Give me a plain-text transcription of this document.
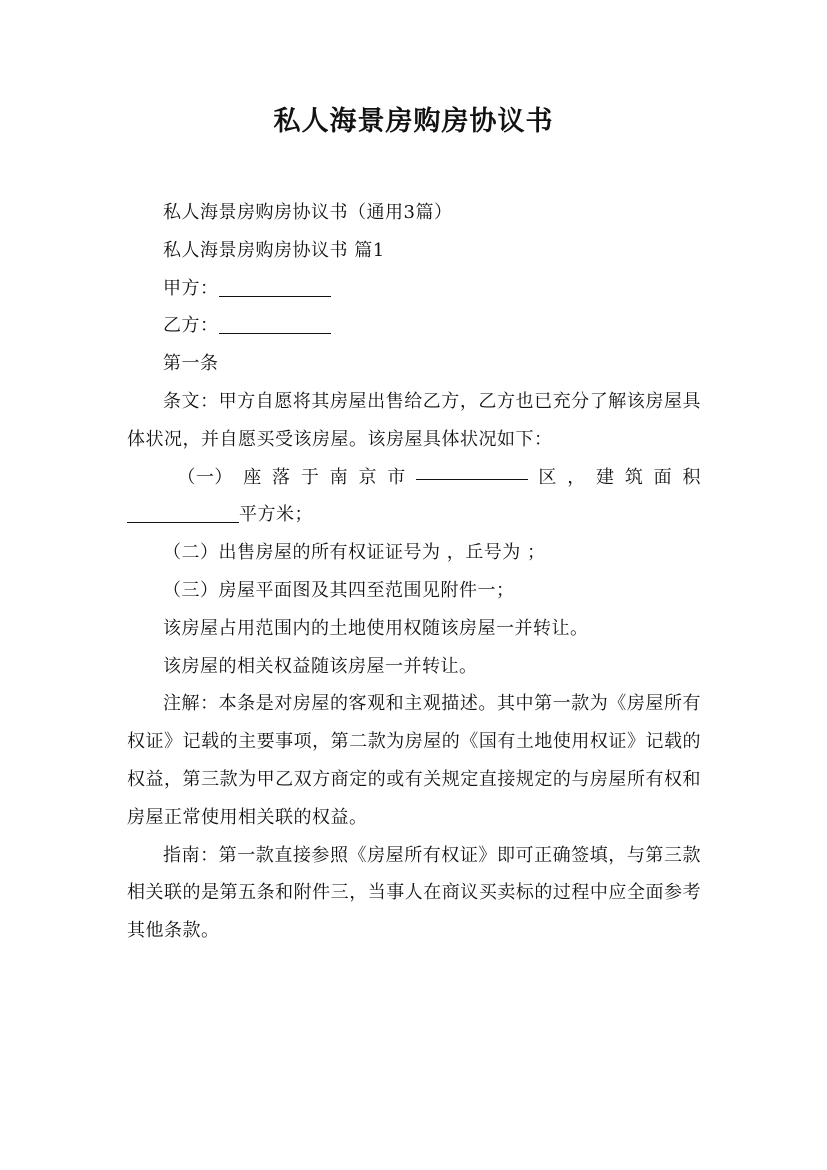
私人海景房购房协议书

私人海景房购房协议书（通用3篇）

私人海景房购房协议书 篇1

甲方：

乙方：

第一条

条文：甲方自愿将其房屋出售给乙方，乙方也已充分了解该房屋具体状况，并自愿买受该房屋。该房屋具体状况如下：

（一） 座 落 于 南 京 市	区 ， 建 筑 面 积

平方米；

（二）出售房屋的所有权证证号为 ，丘号为 ；

（三）房屋平面图及其四至范围见附件一；

该房屋占用范围内的土地使用权随该房屋一并转让。

该房屋的相关权益随该房屋一并转让。

注解：本条是对房屋的客观和主观描述。其中第一款为《房屋所有权证》记载的主要事项，第二款为房屋的《国有土地使用权证》记载的权益，第三款为甲乙双方商定的或有关规定直接规定的与房屋所有权和房屋正常使用相关联的权益。

指南：第一款直接参照《房屋所有权证》即可正确签填，与第三款相关联的是第五条和附件三，当事人在商议买卖标的过程中应全面参考其他条款。
